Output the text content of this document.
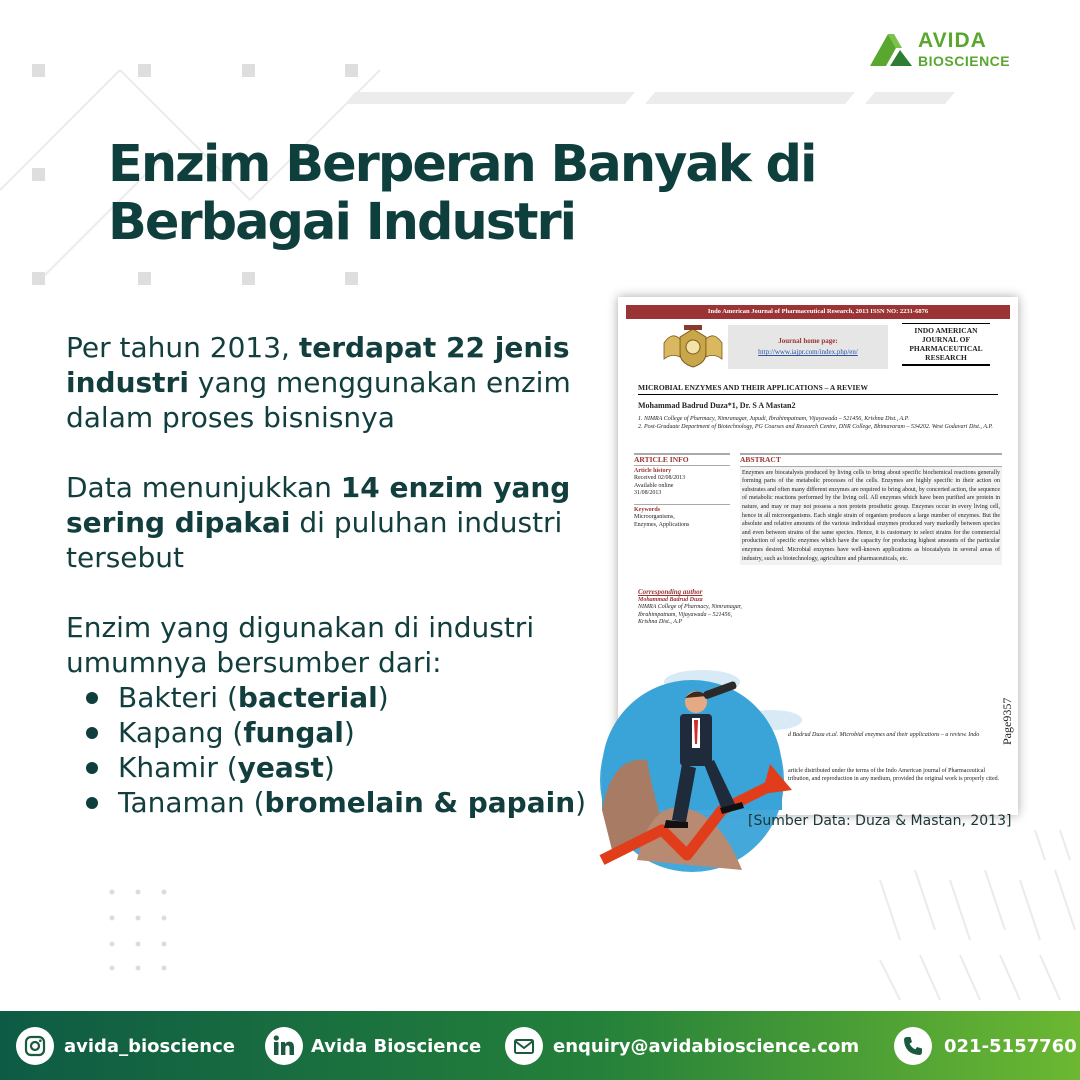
AVIDA
BIOSCIENCE
Enzim Berperan Banyak di
Berbagai Industri

Per tahun 2013, terdapat 22 jenis industri yang menggunakan enzim dalam proses bisnisnya

Data menunjukkan 14 enzim yang sering dipakai di puluhan industri tersebut

Enzim yang digunakan di industri umumnya bersumber dari:

Bakteri (bacterial)
Kapang (fungal)
Khamir (yeast)
Tanaman (bromelain & papain)
Indo American Journal of Pharmaceutical Research, 2013 ISSN NO: 2231-6876
Journal home page:
http://www.iajpr.com/index.php/en/
INDO AMERICAN JOURNAL OF PHARMACEUTICAL RESEARCH
MICROBIAL ENZYMES AND THEIR APPLICATIONS – A REVIEW
Mohammad Badrud Duza*1, Dr. S A Mastan2
1. NIMRA College of Pharmacy, Nimranagar, Jupudi, Ibrahimpatnam, Vijayawada – 521456, Krishna Dist., A.P.
2. Post-Graduate Department of Biotechnology, PG Courses and Research Centre, DNR College, Bhimavaram – 534202. West Godavari Dist., A.P.
ARTICLE INFO
Article history
Received 02/08/2013 Available online 31/08/2013
Keywords
Microorganisms, Enzymes, Applications
ABSTRACT
Enzymes are biocatalysts produced by living cells to bring about specific biochemical reactions generally forming parts of the metabolic processes of the cells. Enzymes are highly specific in their action on substrates and often many different enzymes are required to bring about, by concerted action, the sequence of metabolic reactions performed by the living cell. All enzymes which have been purified are protein in nature, and may or may not possess a non protein prosthetic group. Enzymes occur in every living cell, hence in all microorganisms. Each single strain of organism produces a large number of enzymes. But the absolute and relative amounts of the various individual enzymes produced vary markedly between species and even between strains of the same species. Hence, it is customary to select strains for the commercial production of specific enzymes which have the capacity for producing highest amounts of the particular enzymes desired. Microbial enzymes have well-known applications as biocatalysts in several areas of industry, such as biotechnology, agriculture and pharmaceuticals, etc.
Corresponding author
Mohammad Badrud Duza
NIMRA College of Pharmacy, Nimranagar, Ibrahimpatnam, Vijayawada – 521456, Krishna Dist., A.P
d Badrud Duza et.al. Microbial enzymes and their applications – a review. Indo
article distributed under the terms of the Indo American journal of Pharmaceutical tribution, and reproduction in any medium, provided the original work is properly cited.
Page9357
[Sumber Data: Duza & Mastan, 2013]
avida_bioscience	Avida Bioscience	enquiry@avidabioscience.com	021-5157760
